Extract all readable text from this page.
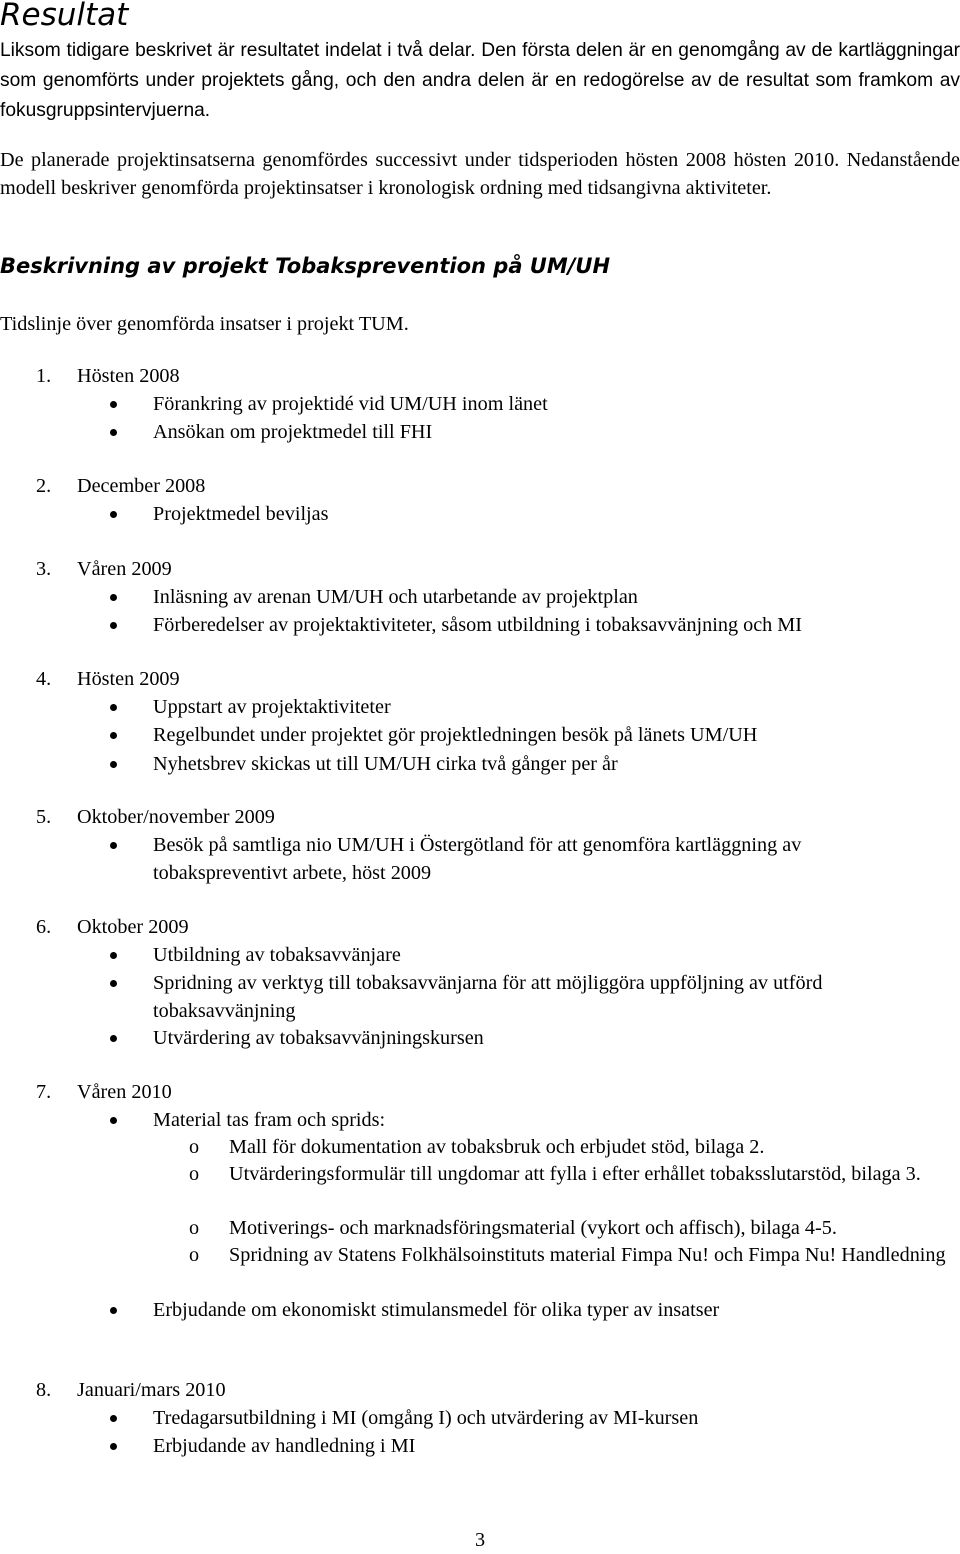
Resultat

Liksom tidigare beskrivet är resultatet indelat i två delar. Den första delen är en genomgång av de kartläggningar som genomförts under projektets gång, och den andra delen är en redogörelse av de resultat som framkom av fokusgruppsintervjuerna.

De planerade projektinsatserna genomfördes successivt under tidsperioden hösten 2008 hösten 2010. Nedanstående modell beskriver genomförda projektinsatser i kronologisk ordning med tidsangivna aktiviteter.

Beskrivning av projekt Tobaksprevention på UM/UH

Tidslinje över genomförda insatser i projekt TUM.

1.	Hösten 2008
Förankring av projektidé vid UM/UH inom länet
Ansökan om projektmedel till FHI
2.	December 2008
Projektmedel beviljas
3.	Våren 2009
Inläsning av arenan UM/UH och utarbetande av projektplan
Förberedelser av projektaktiviteter, såsom utbildning i tobaksavvänjning och MI
4.	Hösten 2009
Uppstart av projektaktiviteter
Regelbundet under projektet gör projektledningen besök på länets UM/UH
Nyhetsbrev skickas ut till UM/UH cirka två gånger per år
5.	Oktober/november 2009
Besök på samtliga nio UM/UH i Östergötland för att genomföra kartläggning av tobakspreventivt arbete, höst 2009
6.	Oktober 2009
Utbildning av tobaksavvänjare
Spridning av verktyg till tobaksavvänjarna för att möjliggöra uppföljning av utförd tobaksavvänjning
Utvärdering av tobaksavvänjningskursen
7.	Våren 2010
Material tas fram och sprids:
o Mall för dokumentation av tobaksbruk och erbjudet stöd, bilaga 2.
o Utvärderingsformulär till ungdomar att fylla i efter erhållet tobaksslutarstöd, bilaga 3.
o Motiverings- och marknadsföringsmaterial (vykort och affisch), bilaga 4-5.
o Spridning av Statens Folkhälsoinstituts material Fimpa Nu! och Fimpa Nu! Handledning
Erbjudande om ekonomiskt stimulansmedel för olika typer av insatser
8.	Januari/mars 2010
Tredagarsutbildning i MI (omgång I) och utvärdering av MI-kursen
Erbjudande av handledning i MI
3
